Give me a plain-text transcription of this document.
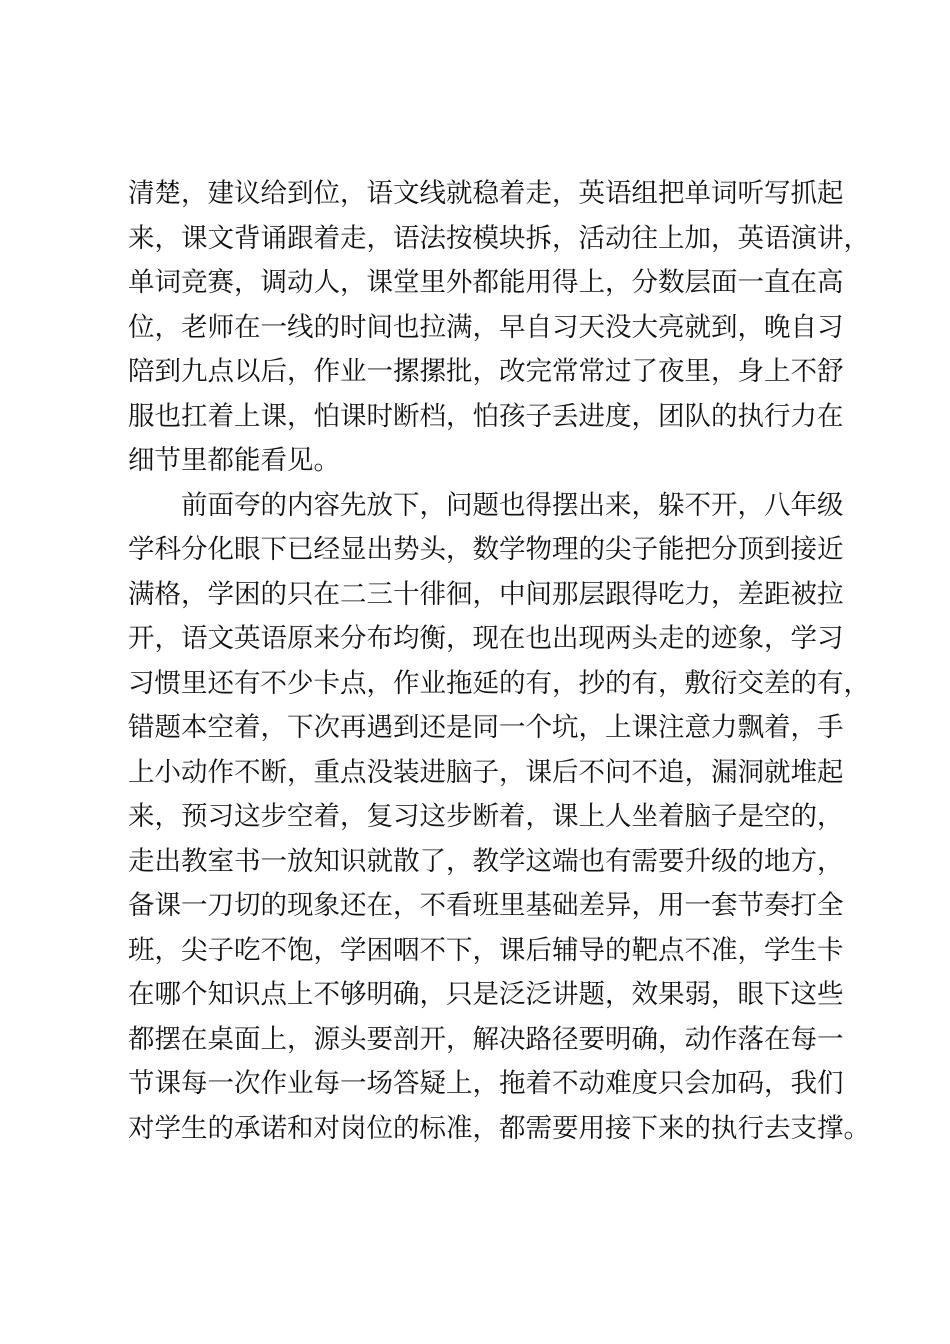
清楚，建议给到位，语文线就稳着走，英语组把单词听写抓起
来，课文背诵跟着走，语法按模块拆，活动往上加，英语演讲，
单词竞赛，调动人，课堂里外都能用得上，分数层面一直在高
位，老师在一线的时间也拉满，早自习天没大亮就到，晚自习
陪到九点以后，作业一摞摞批，改完常常过了夜里，身上不舒
服也扛着上课，怕课时断档，怕孩子丢进度，团队的执行力在
细节里都能看见。
　　前面夸的内容先放下，问题也得摆出来，躲不开，八年级
学科分化眼下已经显出势头，数学物理的尖子能把分顶到接近
满格，学困的只在二三十徘徊，中间那层跟得吃力，差距被拉
开，语文英语原来分布均衡，现在也出现两头走的迹象，学习
习惯里还有不少卡点，作业拖延的有，抄的有，敷衍交差的有，
错题本空着，下次再遇到还是同一个坑，上课注意力飘着，手
上小动作不断，重点没装进脑子，课后不问不追，漏洞就堆起
来，预习这步空着，复习这步断着，课上人坐着脑子是空的，
走出教室书一放知识就散了，教学这端也有需要升级的地方，
备课一刀切的现象还在，不看班里基础差异，用一套节奏打全
班，尖子吃不饱，学困咽不下，课后辅导的靶点不准，学生卡
在哪个知识点上不够明确，只是泛泛讲题，效果弱，眼下这些
都摆在桌面上，源头要剖开，解决路径要明确，动作落在每一
节课每一次作业每一场答疑上，拖着不动难度只会加码，我们
对学生的承诺和对岗位的标准，都需要用接下来的执行去支撑。
